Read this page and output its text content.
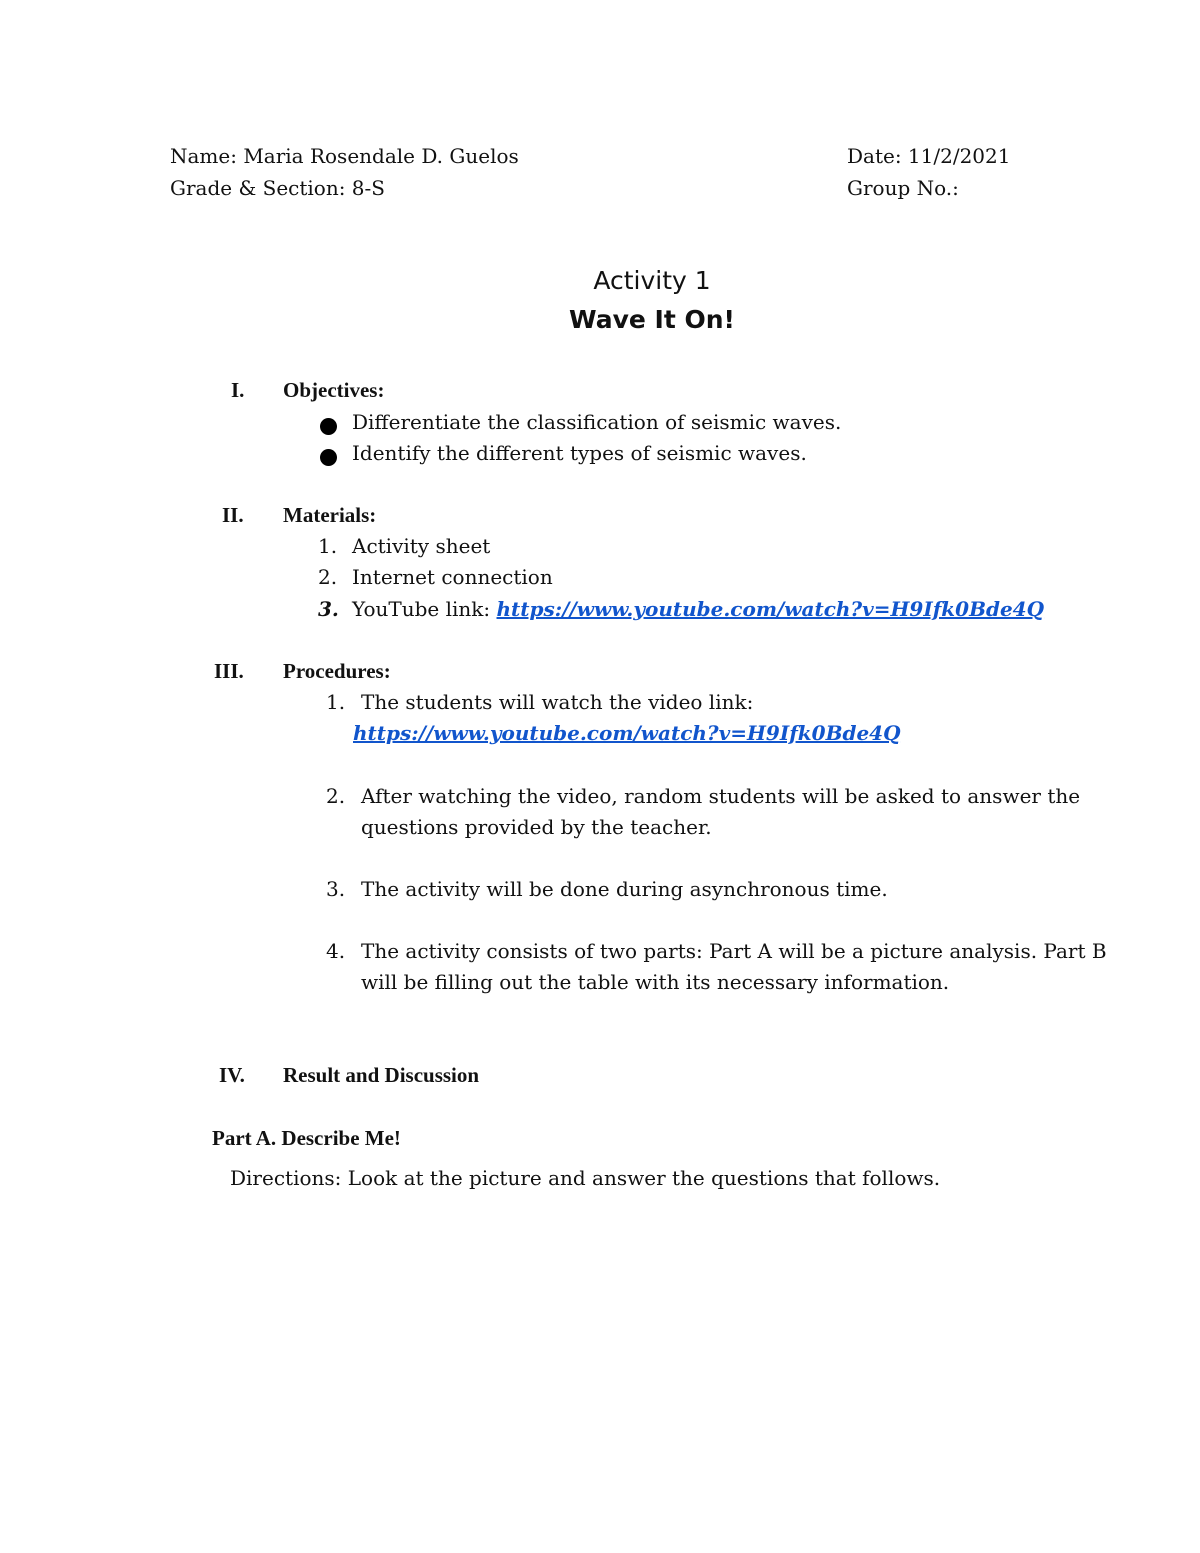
Name: Maria Rosendale D. Guelos	Date: 11/2/2021
Grade & Section: 8-S	Group No.:
Activity 1
Wave It On!
I. Objectives:
Differentiate the classification of seismic waves.
Identify the different types of seismic waves.
II. Materials:
1. Activity sheet
2. Internet connection
3. YouTube link: https://www.youtube.com/watch?v=H9Ifk0Bde4Q
III. Procedures:
1. The students will watch the video link:
https://www.youtube.com/watch?v=H9Ifk0Bde4Q
2. After watching the video, random students will be asked to answer the
questions provided by the teacher.
3. The activity will be done during asynchronous time.
4. The activity consists of two parts: Part A will be a picture analysis. Part B
will be filling out the table with its necessary information.
IV. Result and Discussion
Part A. Describe Me!
Directions: Look at the picture and answer the questions that follows.
